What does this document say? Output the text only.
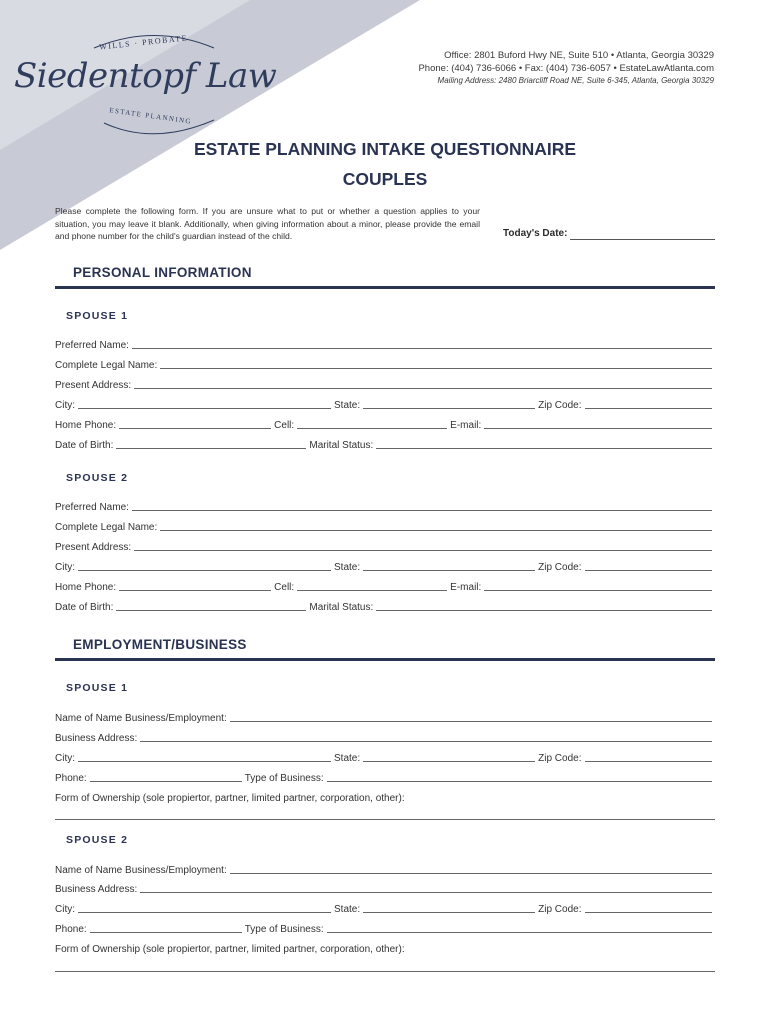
WILLS · PROBATE
Siedentopf Law
ESTATE PLANNING
Office: 2801 Buford Hwy NE, Suite 510 • Atlanta, Georgia 30329
Phone: (404) 736-6066 • Fax: (404) 736-6057 • EstateLawAtlanta.com
Mailing Address: 2480 Briarcliff Road NE, Suite 6-345, Atlanta, Georgia 30329
ESTATE PLANNING INTAKE QUESTIONNAIRE
COUPLES
Please complete the following form. If you are unsure what to put or whether a question applies to your situation, you may leave it blank. Additionally, when giving information about a minor, please provide the email and phone number for the child's guardian instead of the child.	Today's Date:
PERSONAL INFORMATION
SPOUSE 1
Preferred Name:
Complete Legal Name:
Present Address:
City:	State:	Zip Code:
Home Phone:	Cell:	E-mail:
Date of Birth:	Marital Status:
SPOUSE 2
Preferred Name:
Complete Legal Name:
Present Address:
City:	State:	Zip Code:
Home Phone:	Cell:	E-mail:
Date of Birth:	Marital Status:
EMPLOYMENT/BUSINESS
SPOUSE 1
Name of Name Business/Employment:
Business Address:
City:	State:	Zip Code:
Phone:	Type of Business:
Form of Ownership (sole propiertor, partner, limited partner, corporation, other):
SPOUSE 2
Name of Name Business/Employment:
Business Address:
City:	State:	Zip Code:
Phone:	Type of Business:
Form of Ownership (sole propiertor, partner, limited partner, corporation, other):
